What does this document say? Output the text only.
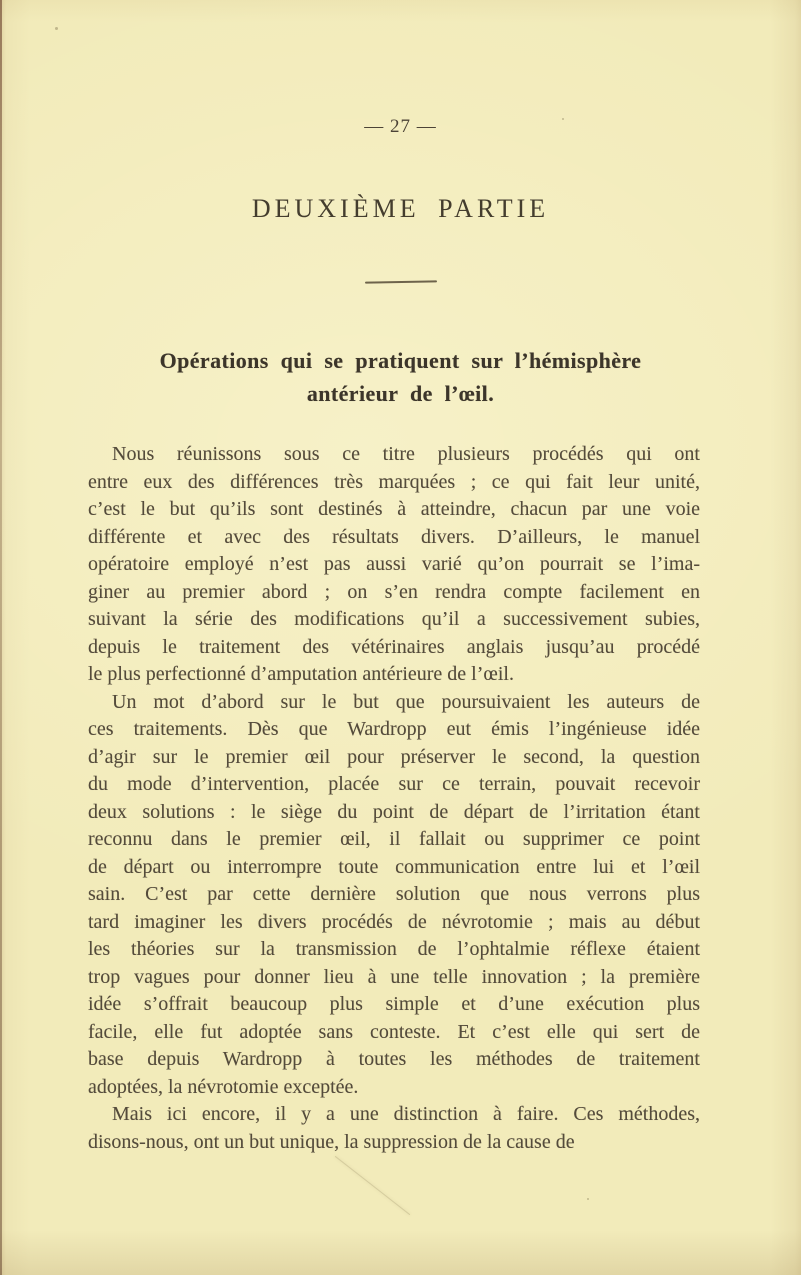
— 27 —
DEUXIÈME PARTIE
Opérations qui se pratiquent sur l’hémisphère
antérieur de l’œil.
Nous réunissons sous ce titre plusieurs procédés qui ont
entre eux des différences très marquées ; ce qui fait leur unité,
c’est le but qu’ils sont destinés à atteindre, chacun par une voie
différente et avec des résultats divers. D’ailleurs, le manuel
opératoire employé n’est pas aussi varié qu’on pourrait se l’ima-
giner au premier abord ; on s’en rendra compte facilement en
suivant la série des modifications qu’il a successivement subies,
depuis le traitement des vétérinaires anglais jusqu’au procédé
le plus perfectionné d’amputation antérieure de l’œil.
Un mot d’abord sur le but que poursuivaient les auteurs de
ces traitements. Dès que Wardropp eut émis l’ingénieuse idée
d’agir sur le premier œil pour préserver le second, la question
du mode d’intervention, placée sur ce terrain, pouvait recevoir
deux solutions : le siège du point de départ de l’irritation étant
reconnu dans le premier œil, il fallait ou supprimer ce point
de départ ou interrompre toute communication entre lui et l’œil
sain. C’est par cette dernière solution que nous verrons plus
tard imaginer les divers procédés de névrotomie ; mais au début
les théories sur la transmission de l’ophtalmie réflexe étaient
trop vagues pour donner lieu à une telle innovation ; la première
idée s’offrait beaucoup plus simple et d’une exécution plus
facile, elle fut adoptée sans conteste. Et c’est elle qui sert de
base depuis Wardropp à toutes les méthodes de traitement
adoptées, la névrotomie exceptée.
Mais ici encore, il y a une distinction à faire. Ces méthodes,
disons-nous, ont un but unique, la suppression de la cause de
